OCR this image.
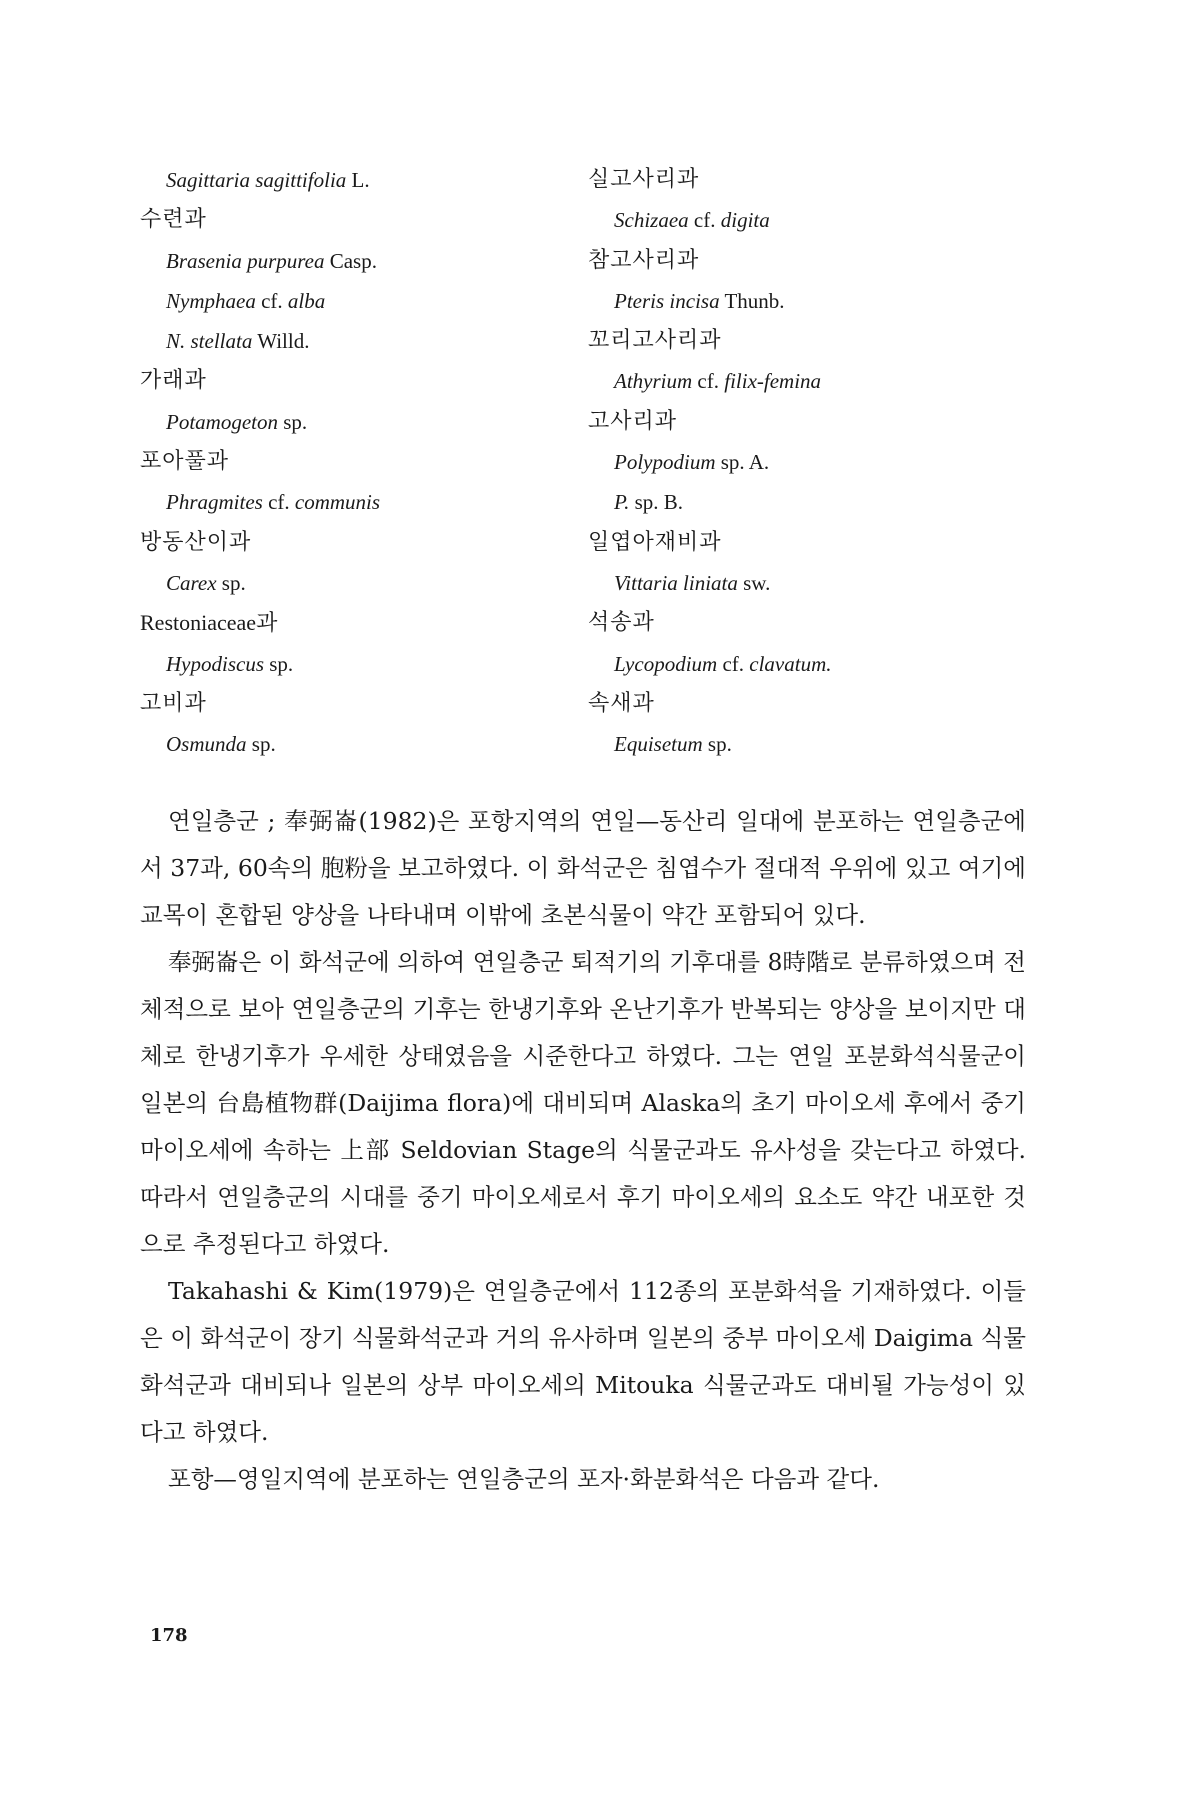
Sagittaria sagittifolia L.
수련과
Brasenia purpurea Casp.
Nymphaea cf. alba
N. stellata Willd.
가래과
Potamogeton sp.
포아풀과
Phragmites cf. communis
방동산이과
Carex sp.
Restoniaceae과
Hypodiscus sp.
고비과
Osmunda sp.
실고사리과
Schizaea cf. digita
참고사리과
Pteris incisa Thunb.
꼬리고사리과
Athyrium cf. filix-femina
고사리과
Polypodium sp. A.
P. sp. B.
일엽아재비과
Vittaria liniata sw.
석송과
Lycopodium cf. clavatum.
속새과
Equisetum sp.

연일층군 ; 奉弼崙(1982)은 포항지역의 연일—동산리 일대에 분포하는 연일층군에서 37과, 60속의 胞粉을 보고하였다. 이 화석군은 침엽수가 절대적 우위에 있고 여기에 교목이 혼합된 양상을 나타내며 이밖에 초본식물이 약간 포함되어 있다.

奉弼崙은 이 화석군에 의하여 연일층군 퇴적기의 기후대를 8時階로 분류하였으며 전체적으로 보아 연일층군의 기후는 한냉기후와 온난기후가 반복되는 양상을 보이지만 대체로 한냉기후가 우세한 상태였음을 시준한다고 하였다. 그는 연일 포분화석식물군이 일본의 台島植物群(Daijima flora)에 대비되며 Alaska의 초기 마이오세 후에서 중기 마이오세에 속하는 上部 Seldovian Stage의 식물군과도 유사성을 갖는다고 하였다. 따라서 연일층군의 시대를 중기 마이오세로서 후기 마이오세의 요소도 약간 내포한 것으로 추정된다고 하였다.

Takahashi & Kim(1979)은 연일층군에서 112종의 포분화석을 기재하였다. 이들은 이 화석군이 장기 식물화석군과 거의 유사하며 일본의 중부 마이오세 Daigima 식물화석군과 대비되나 일본의 상부 마이오세의 Mitouka 식물군과도 대비될 가능성이 있다고 하였다.

포항—영일지역에 분포하는 연일층군의 포자·화분화석은 다음과 같다.

178
